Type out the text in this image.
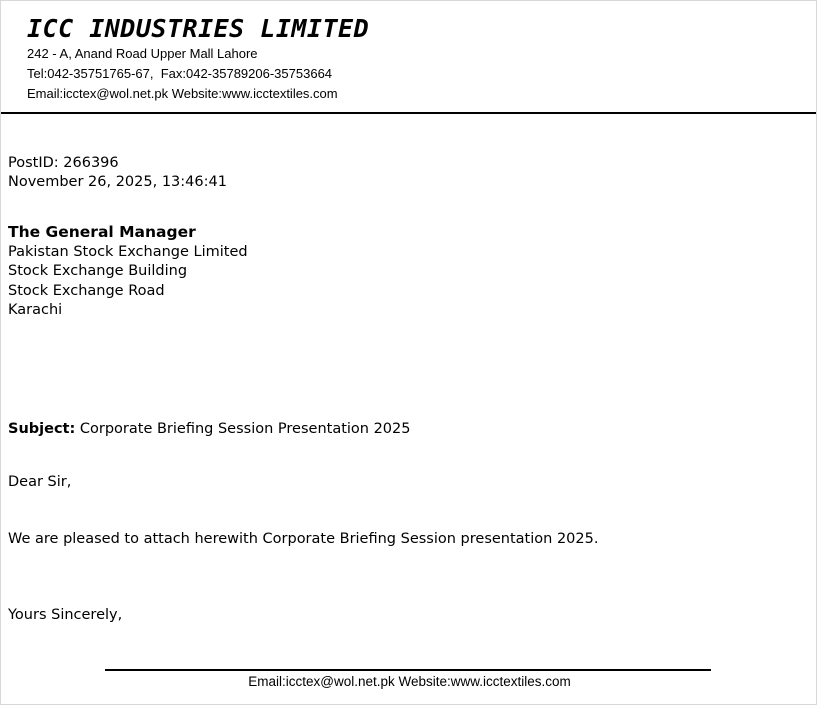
ICC INDUSTRIES LIMITED
242 - A, Anand Road Upper Mall Lahore
Tel:042-35751765-67,  Fax:042-35789206-35753664
Email:icctex@wol.net.pk Website:www.icctextiles.com
PostID: 266396
November 26, 2025, 13:46:41
The General Manager
Pakistan Stock Exchange Limited
Stock Exchange Building
Stock Exchange Road
Karachi
Subject: Corporate Briefing Session Presentation 2025
Dear Sir,
We are pleased to attach herewith Corporate Briefing Session presentation 2025.
Yours Sincerely,
Email:icctex@wol.net.pk Website:www.icctextiles.com
